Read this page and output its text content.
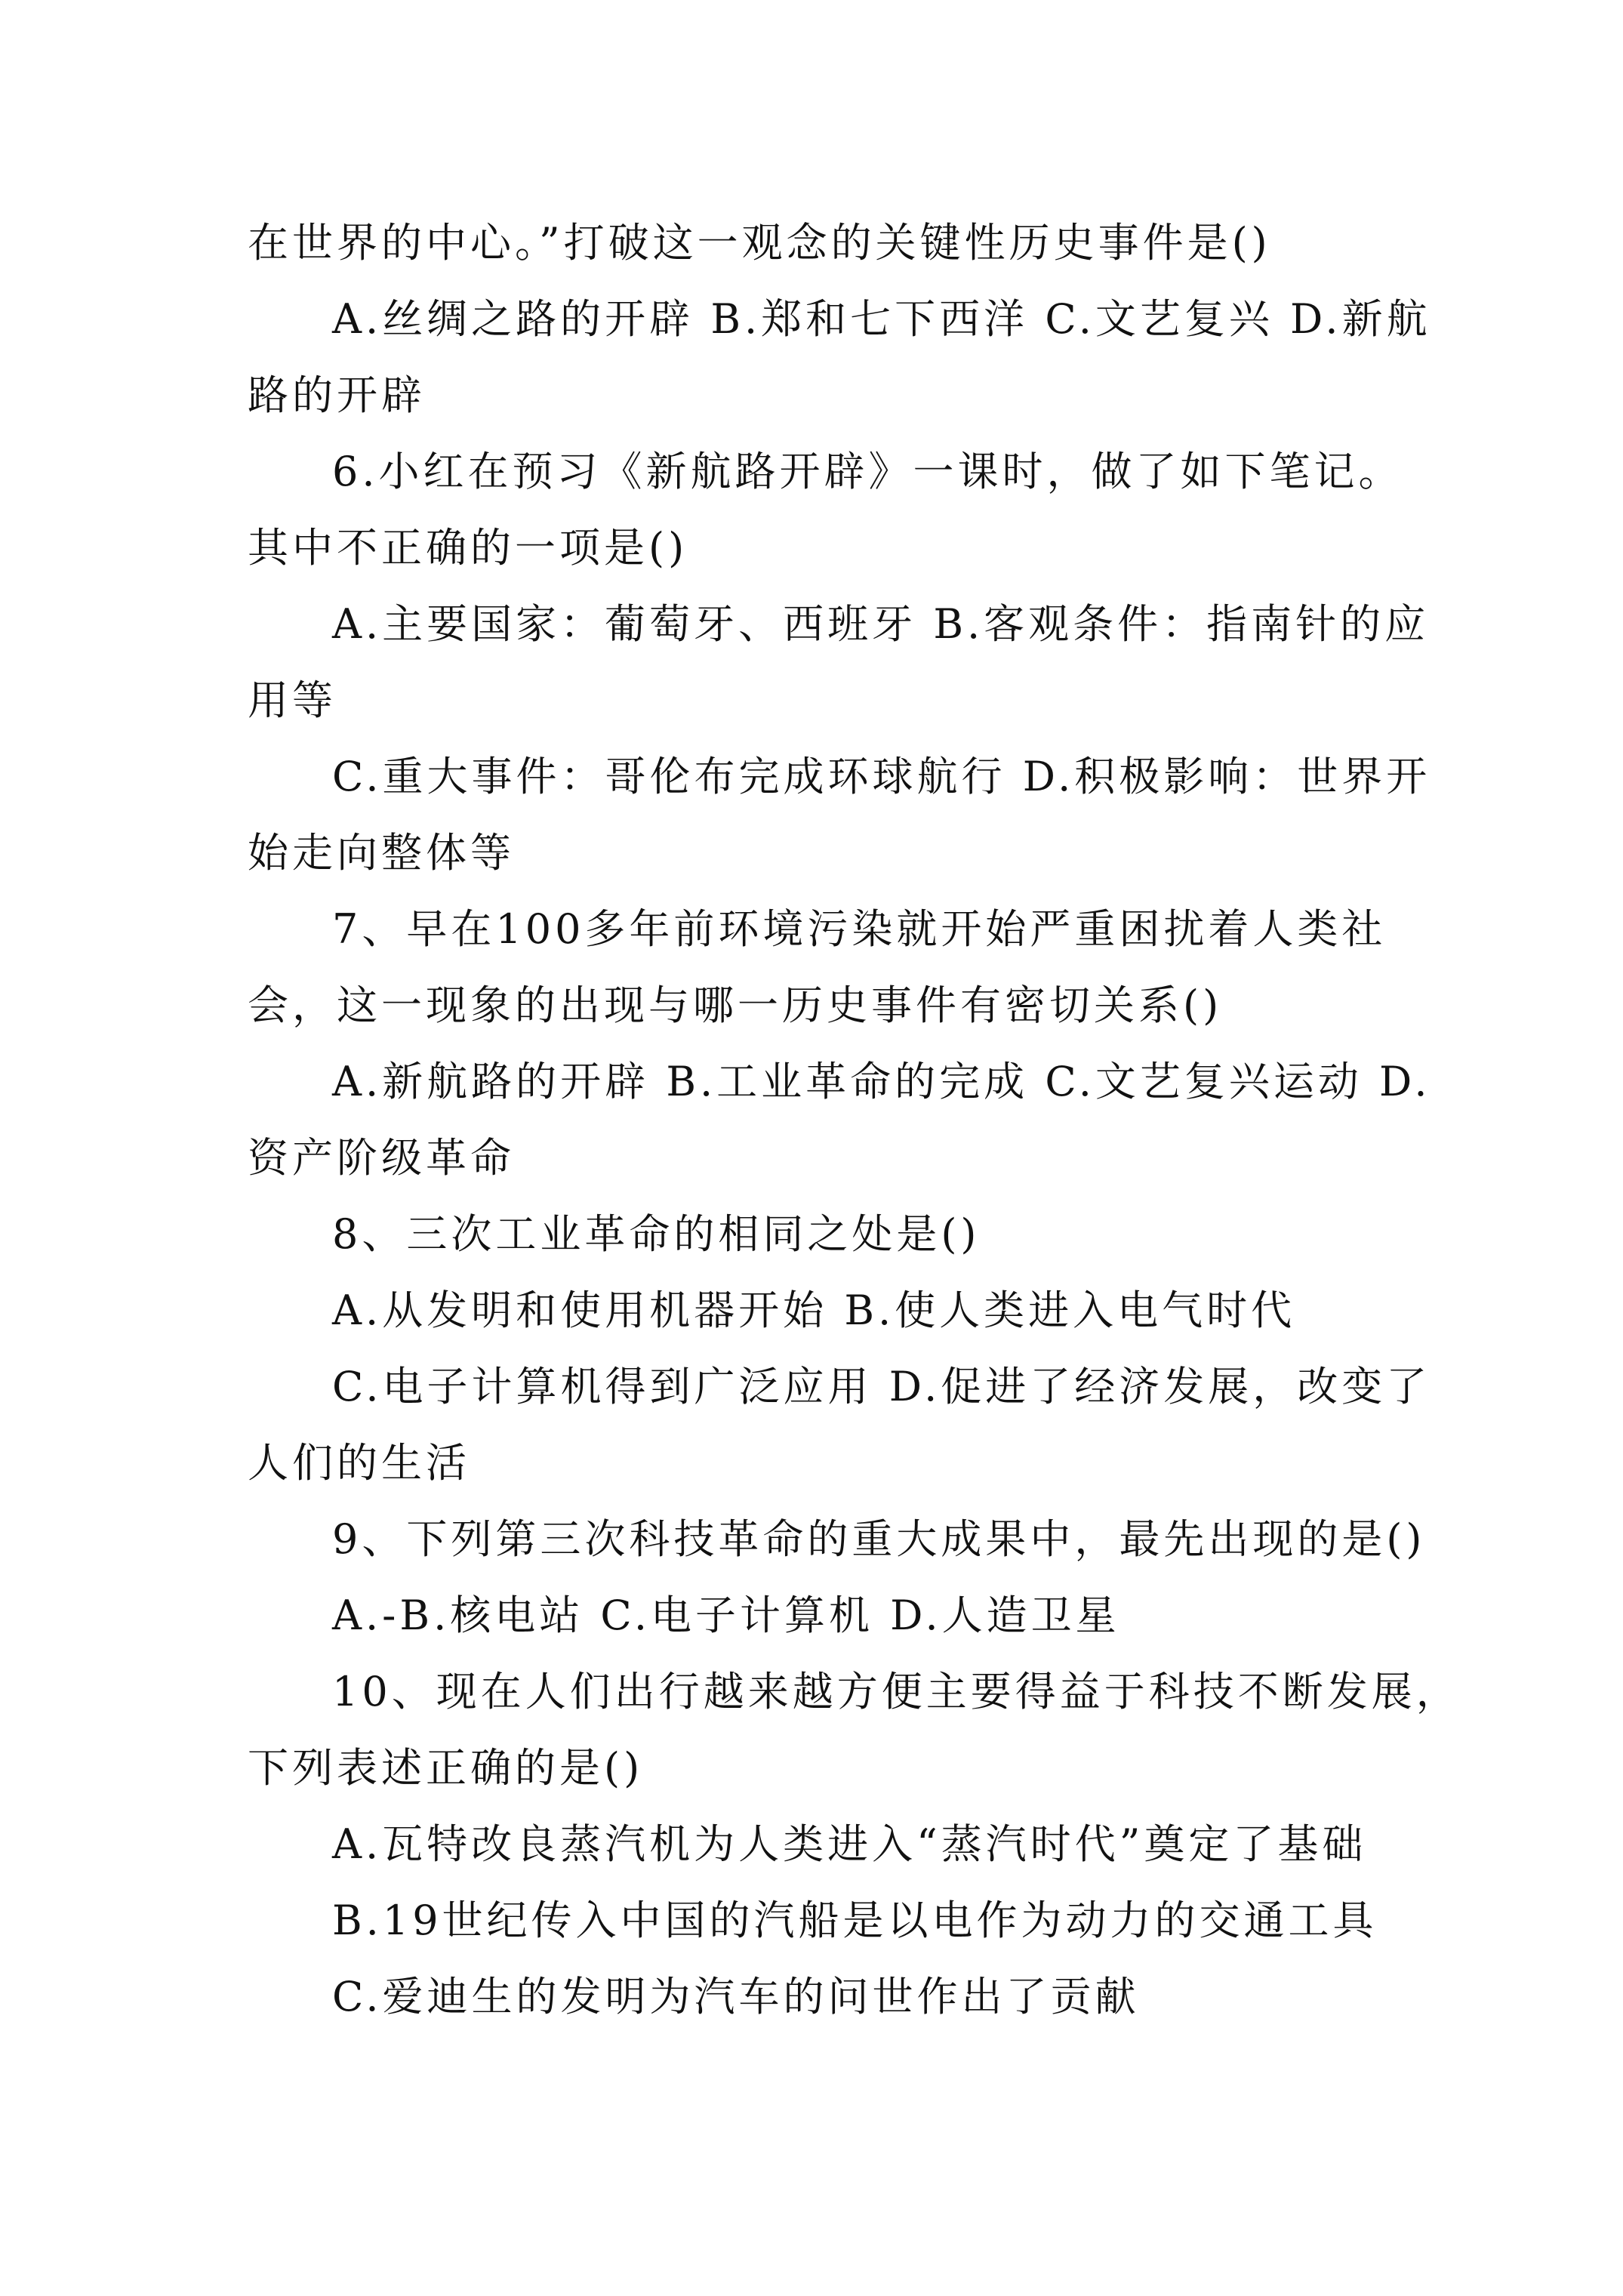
在世界的中心。”打破这一观念的关键性历史事件是()
A.丝绸之路的开辟 B.郑和七下西洋 C.文艺复兴 D.新航
路的开辟
6.小红在预习《新航路开辟》一课时，做了如下笔记。
其中不正确的一项是()
A.主要国家：葡萄牙、西班牙 B.客观条件：指南针的应
用等
C.重大事件：哥伦布完成环球航行 D.积极影响：世界开
始走向整体等
7、早在100多年前环境污染就开始严重困扰着人类社
会，这一现象的出现与哪一历史事件有密切关系()
A.新航路的开辟 B.工业革命的完成 C.文艺复兴运动 D.
资产阶级革命
8、三次工业革命的相同之处是()
A.从发明和使用机器开始 B.使人类进入电气时代
C.电子计算机得到广泛应用 D.促进了经济发展，改变了
人们的生活
9、下列第三次科技革命的重大成果中，最先出现的是()
A.-B.核电站 C.电子计算机 D.人造卫星
10、现在人们出行越来越方便主要得益于科技不断发展，
下列表述正确的是()
A.瓦特改良蒸汽机为人类进入“蒸汽时代”奠定了基础
B.19世纪传入中国的汽船是以电作为动力的交通工具
C.爱迪生的发明为汽车的问世作出了贡献
